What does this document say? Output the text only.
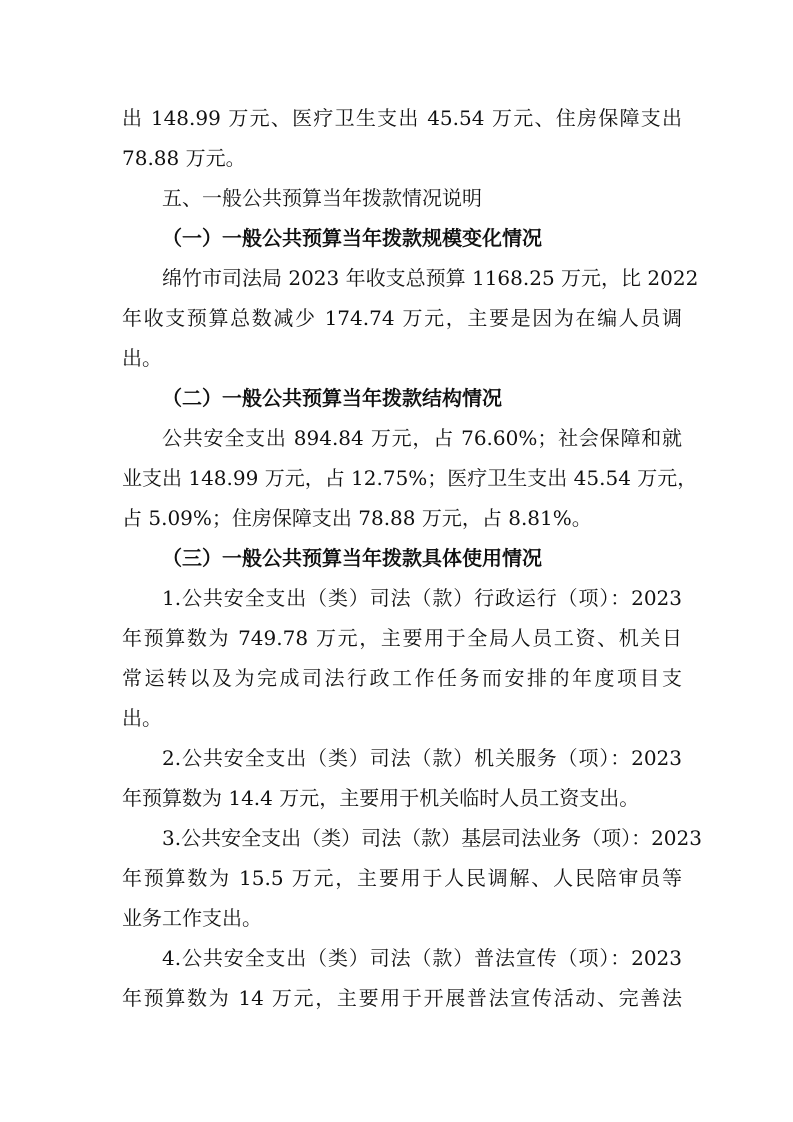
出 148.99 万元、医疗卫生支出 45.54 万元、住房保障支出
78.88 万元。
五、一般公共预算当年拨款情况说明
（一）一般公共预算当年拨款规模变化情况
绵竹市司法局 2023 年收支总预算 1168.25 万元，比 2022
年收支预算总数减少 174.74 万元，主要是因为在编人员调
出。
（二）一般公共预算当年拨款结构情况
公共安全支出 894.84 万元，占 76.60%；社会保障和就
业支出 148.99 万元，占 12.75%；医疗卫生支出 45.54 万元，
占 5.09%；住房保障支出 78.88 万元，占 8.81%。
（三）一般公共预算当年拨款具体使用情况
1.公共安全支出（类）司法（款）行政运行（项）：2023
年预算数为 749.78 万元，主要用于全局人员工资、机关日
常运转以及为完成司法行政工作任务而安排的年度项目支
出。
2.公共安全支出（类）司法（款）机关服务（项）：2023
年预算数为 14.4 万元，主要用于机关临时人员工资支出。
3.公共安全支出（类）司法（款）基层司法业务（项）：2023
年预算数为 15.5 万元，主要用于人民调解、人民陪审员等
业务工作支出。
4.公共安全支出（类）司法（款）普法宣传（项）：2023
年预算数为 14 万元，主要用于开展普法宣传活动、完善法
